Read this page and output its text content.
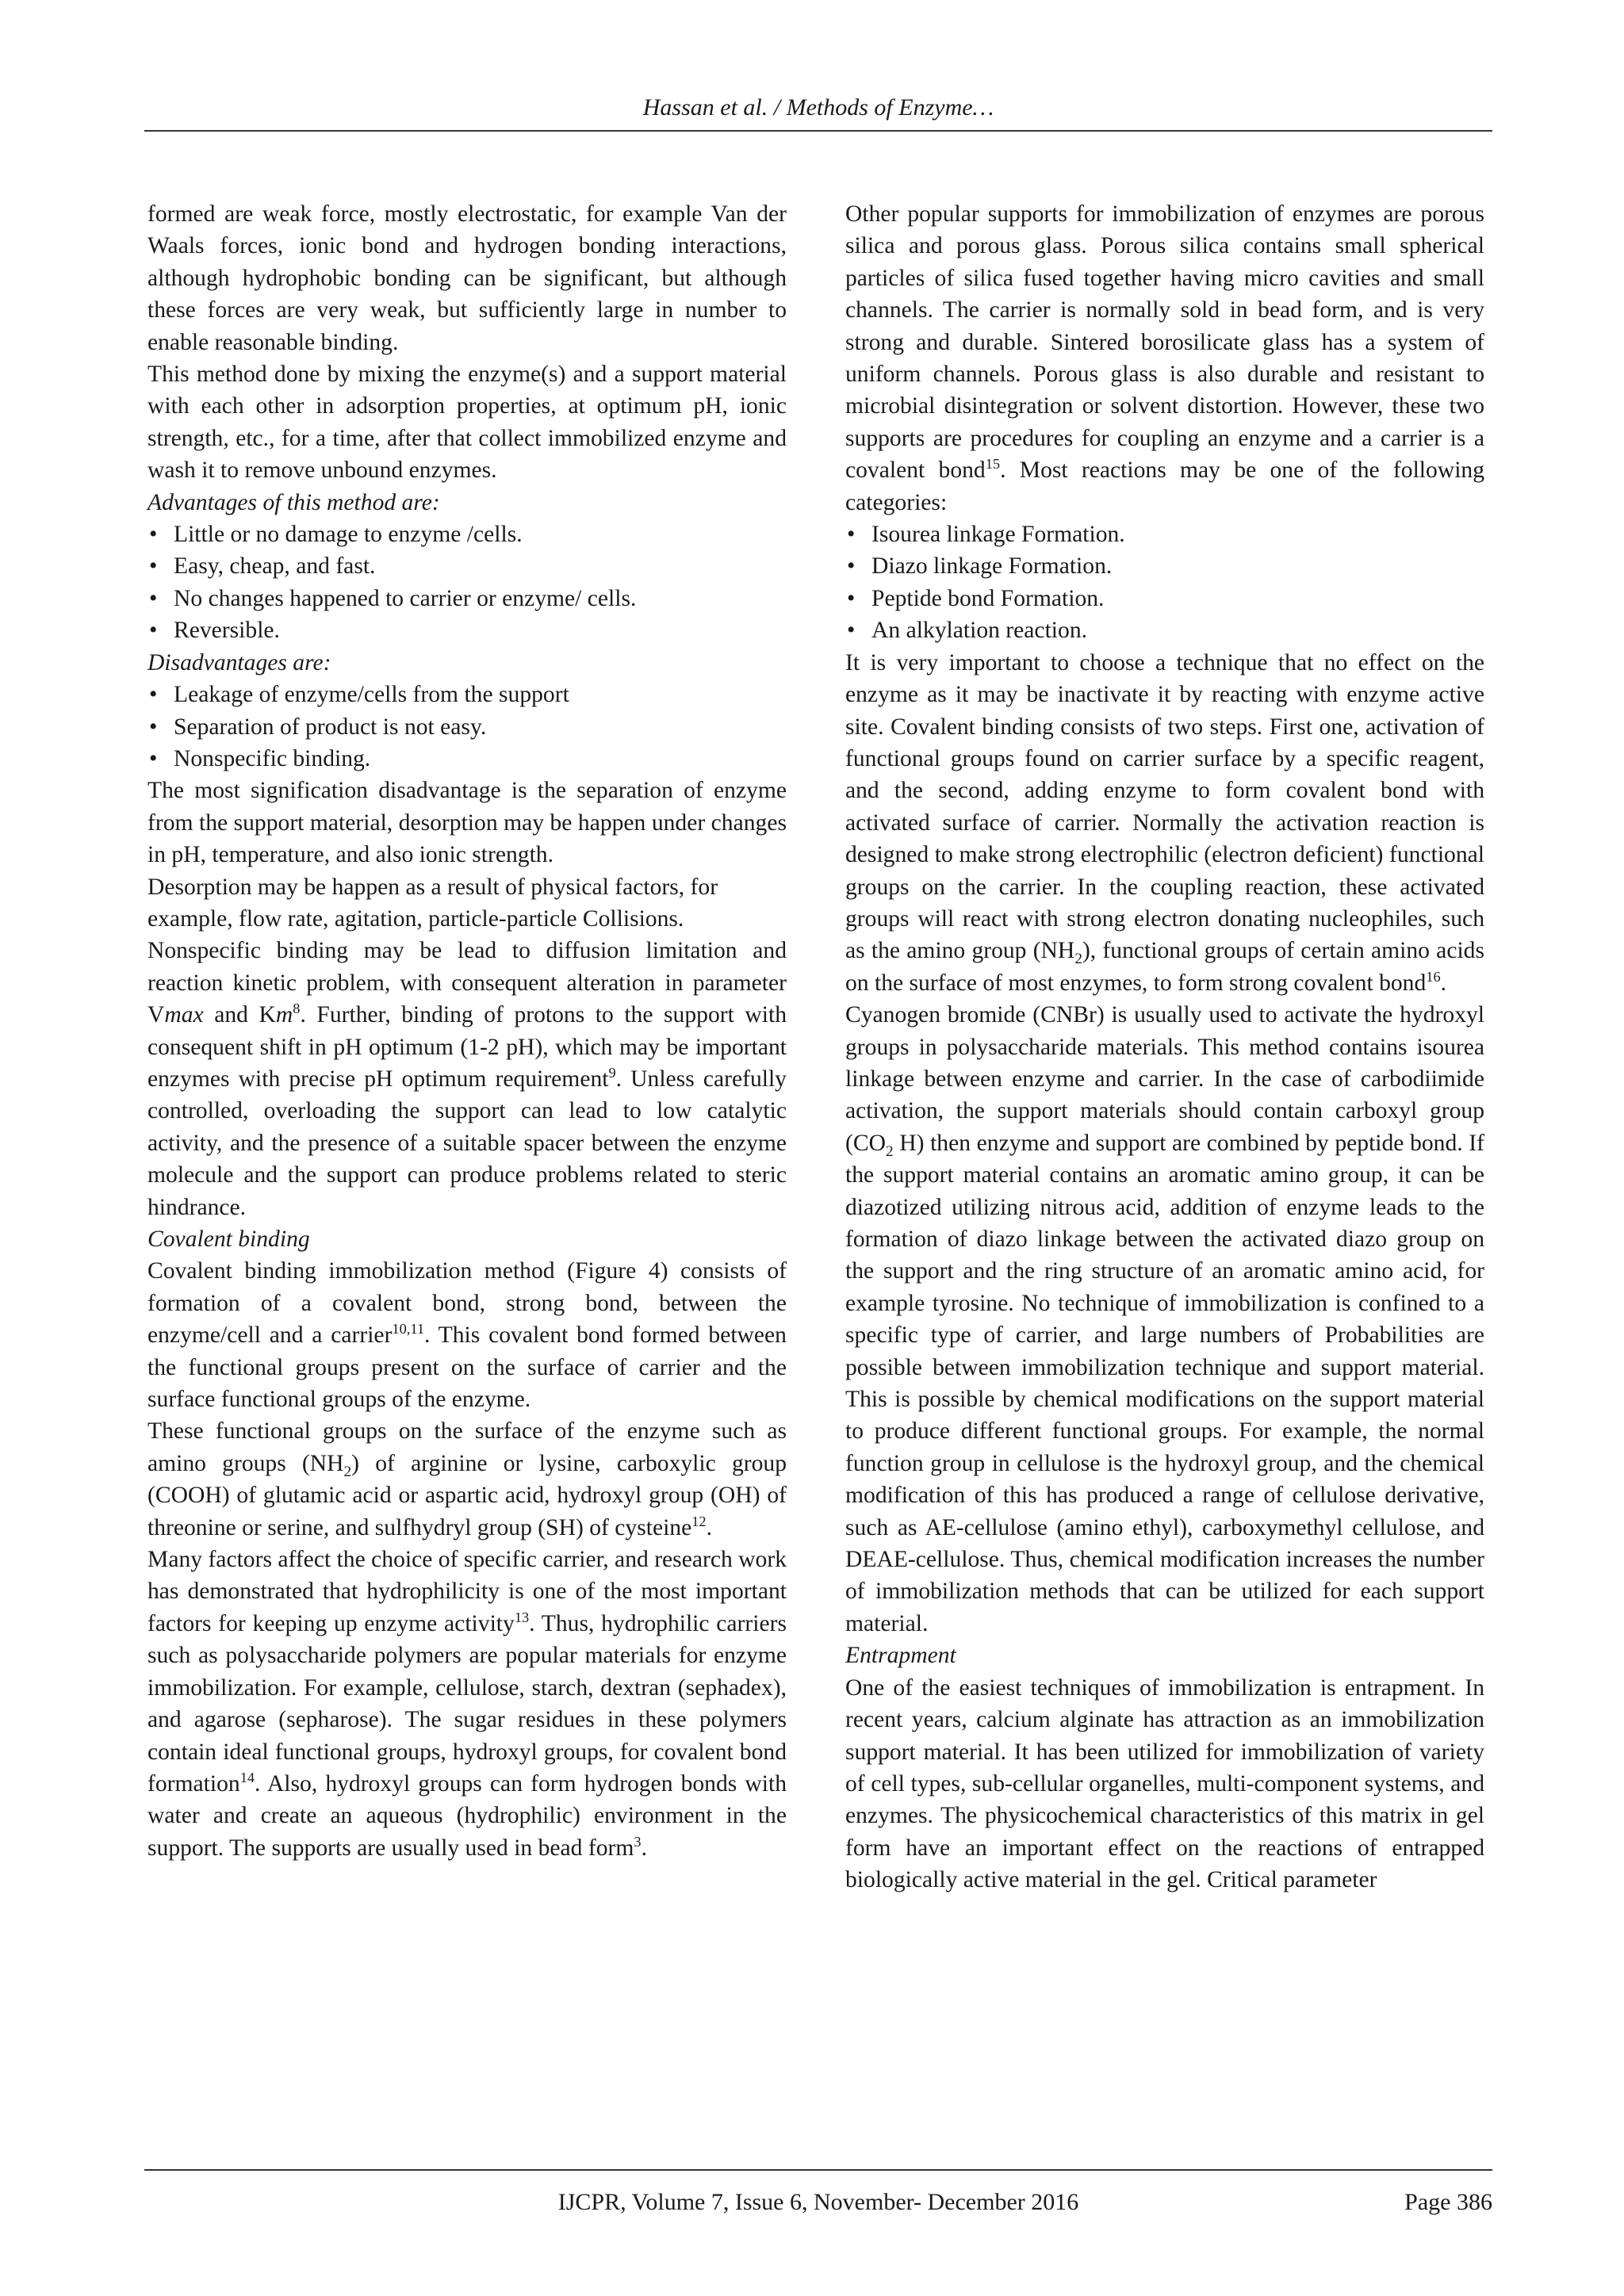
Hassan et al. / Methods of Enzyme…

formed are weak force, mostly electrostatic, for example Van der Waals forces, ionic bond and hydrogen bonding interactions, although hydrophobic bonding can be significant, but although these forces are very weak, but sufficiently large in number to enable reasonable binding.

This method done by mixing the enzyme(s) and a support material with each other in adsorption properties, at optimum pH, ionic strength, etc., for a time, after that collect immobilized enzyme and wash it to remove unbound enzymes.

Advantages of this method are:

• Little or no damage to enzyme /cells.
• Easy, cheap, and fast.
• No changes happened to carrier or enzyme/ cells.
• Reversible.

Disadvantages are:

• Leakage of enzyme/cells from the support
• Separation of product is not easy.
• Nonspecific binding.

The most signification disadvantage is the separation of enzyme from the support material, desorption may be happen under changes in pH, temperature, and also ionic strength.

Desorption may be happen as a result of physical factors, for example, flow rate, agitation, particle-particle Collisions.

Nonspecific binding may be lead to diffusion limitation and reaction kinetic problem, with consequent alteration in parameter Vmax and Km$^8$. Further, binding of protons to the support with consequent shift in pH optimum (1-2 pH), which may be important enzymes with precise pH optimum requirement$^9$. Unless carefully controlled, overloading the support can lead to low catalytic activity, and the presence of a suitable spacer between the enzyme molecule and the support can produce problems related to steric hindrance.

Covalent binding

Covalent binding immobilization method (Figure 4) consists of formation of a covalent bond, strong bond, between the enzyme/cell and a carrier$^{10,11}$. This covalent bond formed between the functional groups present on the surface of carrier and the surface functional groups of the enzyme.

These functional groups on the surface of the enzyme such as amino groups $(NH_2)$ of arginine or lysine, carboxylic group (COOH) of glutamic acid or aspartic acid, hydroxyl group (OH) of threonine or serine, and sulfhydryl group (SH) of cysteine$^{12}$.

Many factors affect the choice of specific carrier, and research work has demonstrated that hydrophilicity is one of the most important factors for keeping up enzyme activity$^{13}$. Thus, hydrophilic carriers such as polysaccharide polymers are popular materials for enzyme immobilization. For example, cellulose, starch, dextran (sephadex), and agarose (sepharose). The sugar residues in these polymers contain ideal functional groups, hydroxyl groups, for covalent bond formation$^{14}$. Also, hydroxyl groups can form hydrogen bonds with water and create an aqueous (hydrophilic) environment in the support. The supports are usually used in bead form$^3$.

Other popular supports for immobilization of enzymes are porous silica and porous glass. Porous silica contains small spherical particles of silica fused together having micro cavities and small channels. The carrier is normally sold in bead form, and is very strong and durable. Sintered borosilicate glass has a system of uniform channels. Porous glass is also durable and resistant to microbial disintegration or solvent distortion. However, these two supports are procedures for coupling an enzyme and a carrier is a covalent bond$^{15}$. Most reactions may be one of the following categories:

• Isourea linkage Formation.
• Diazo linkage Formation.
• Peptide bond Formation.
• An alkylation reaction.

It is very important to choose a technique that no effect on the enzyme as it may be inactivate it by reacting with enzyme active site. Covalent binding consists of two steps. First one, activation of functional groups found on carrier surface by a specific reagent, and the second, adding enzyme to form covalent bond with activated surface of carrier. Normally the activation reaction is designed to make strong electrophilic (electron deficient) functional groups on the carrier. In the coupling reaction, these activated groups will react with strong electron donating nucleophiles, such as the amino group $(NH_2)$, functional groups of certain amino acids on the surface of most enzymes, to form strong covalent bond$^{16}$.

Cyanogen bromide (CNBr) is usually used to activate the hydroxyl groups in polysaccharide materials. This method contains isourea linkage between enzyme and carrier. In the case of carbodiimide activation, the support materials should contain carboxyl group ($CO_2$ H) then enzyme and support are combined by peptide bond. If the support material contains an aromatic amino group, it can be diazotized utilizing nitrous acid, addition of enzyme leads to the formation of diazo linkage between the activated diazo group on the support and the ring structure of an aromatic amino acid, for example tyrosine. No technique of immobilization is confined to a specific type of carrier, and large numbers of Probabilities are possible between immobilization technique and support material. This is possible by chemical modifications on the support material to produce different functional groups. For example, the normal function group in cellulose is the hydroxyl group, and the chemical modification of this has produced a range of cellulose derivative, such as AE-cellulose (amino ethyl), carboxymethyl cellulose, and DEAE-cellulose. Thus, chemical modification increases the number of immobilization methods that can be utilized for each support material.

Entrapment

One of the easiest techniques of immobilization is entrapment. In recent years, calcium alginate has attraction as an immobilization support material. It has been utilized for immobilization of variety of cell types, sub-cellular organelles, multi-component systems, and enzymes. The physicochemical characteristics of this matrix in gel form have an important effect on the reactions of entrapped biologically active material in the gel. Critical parameter

IJCPR, Volume 7, Issue 6, November- December 2016	Page 386
